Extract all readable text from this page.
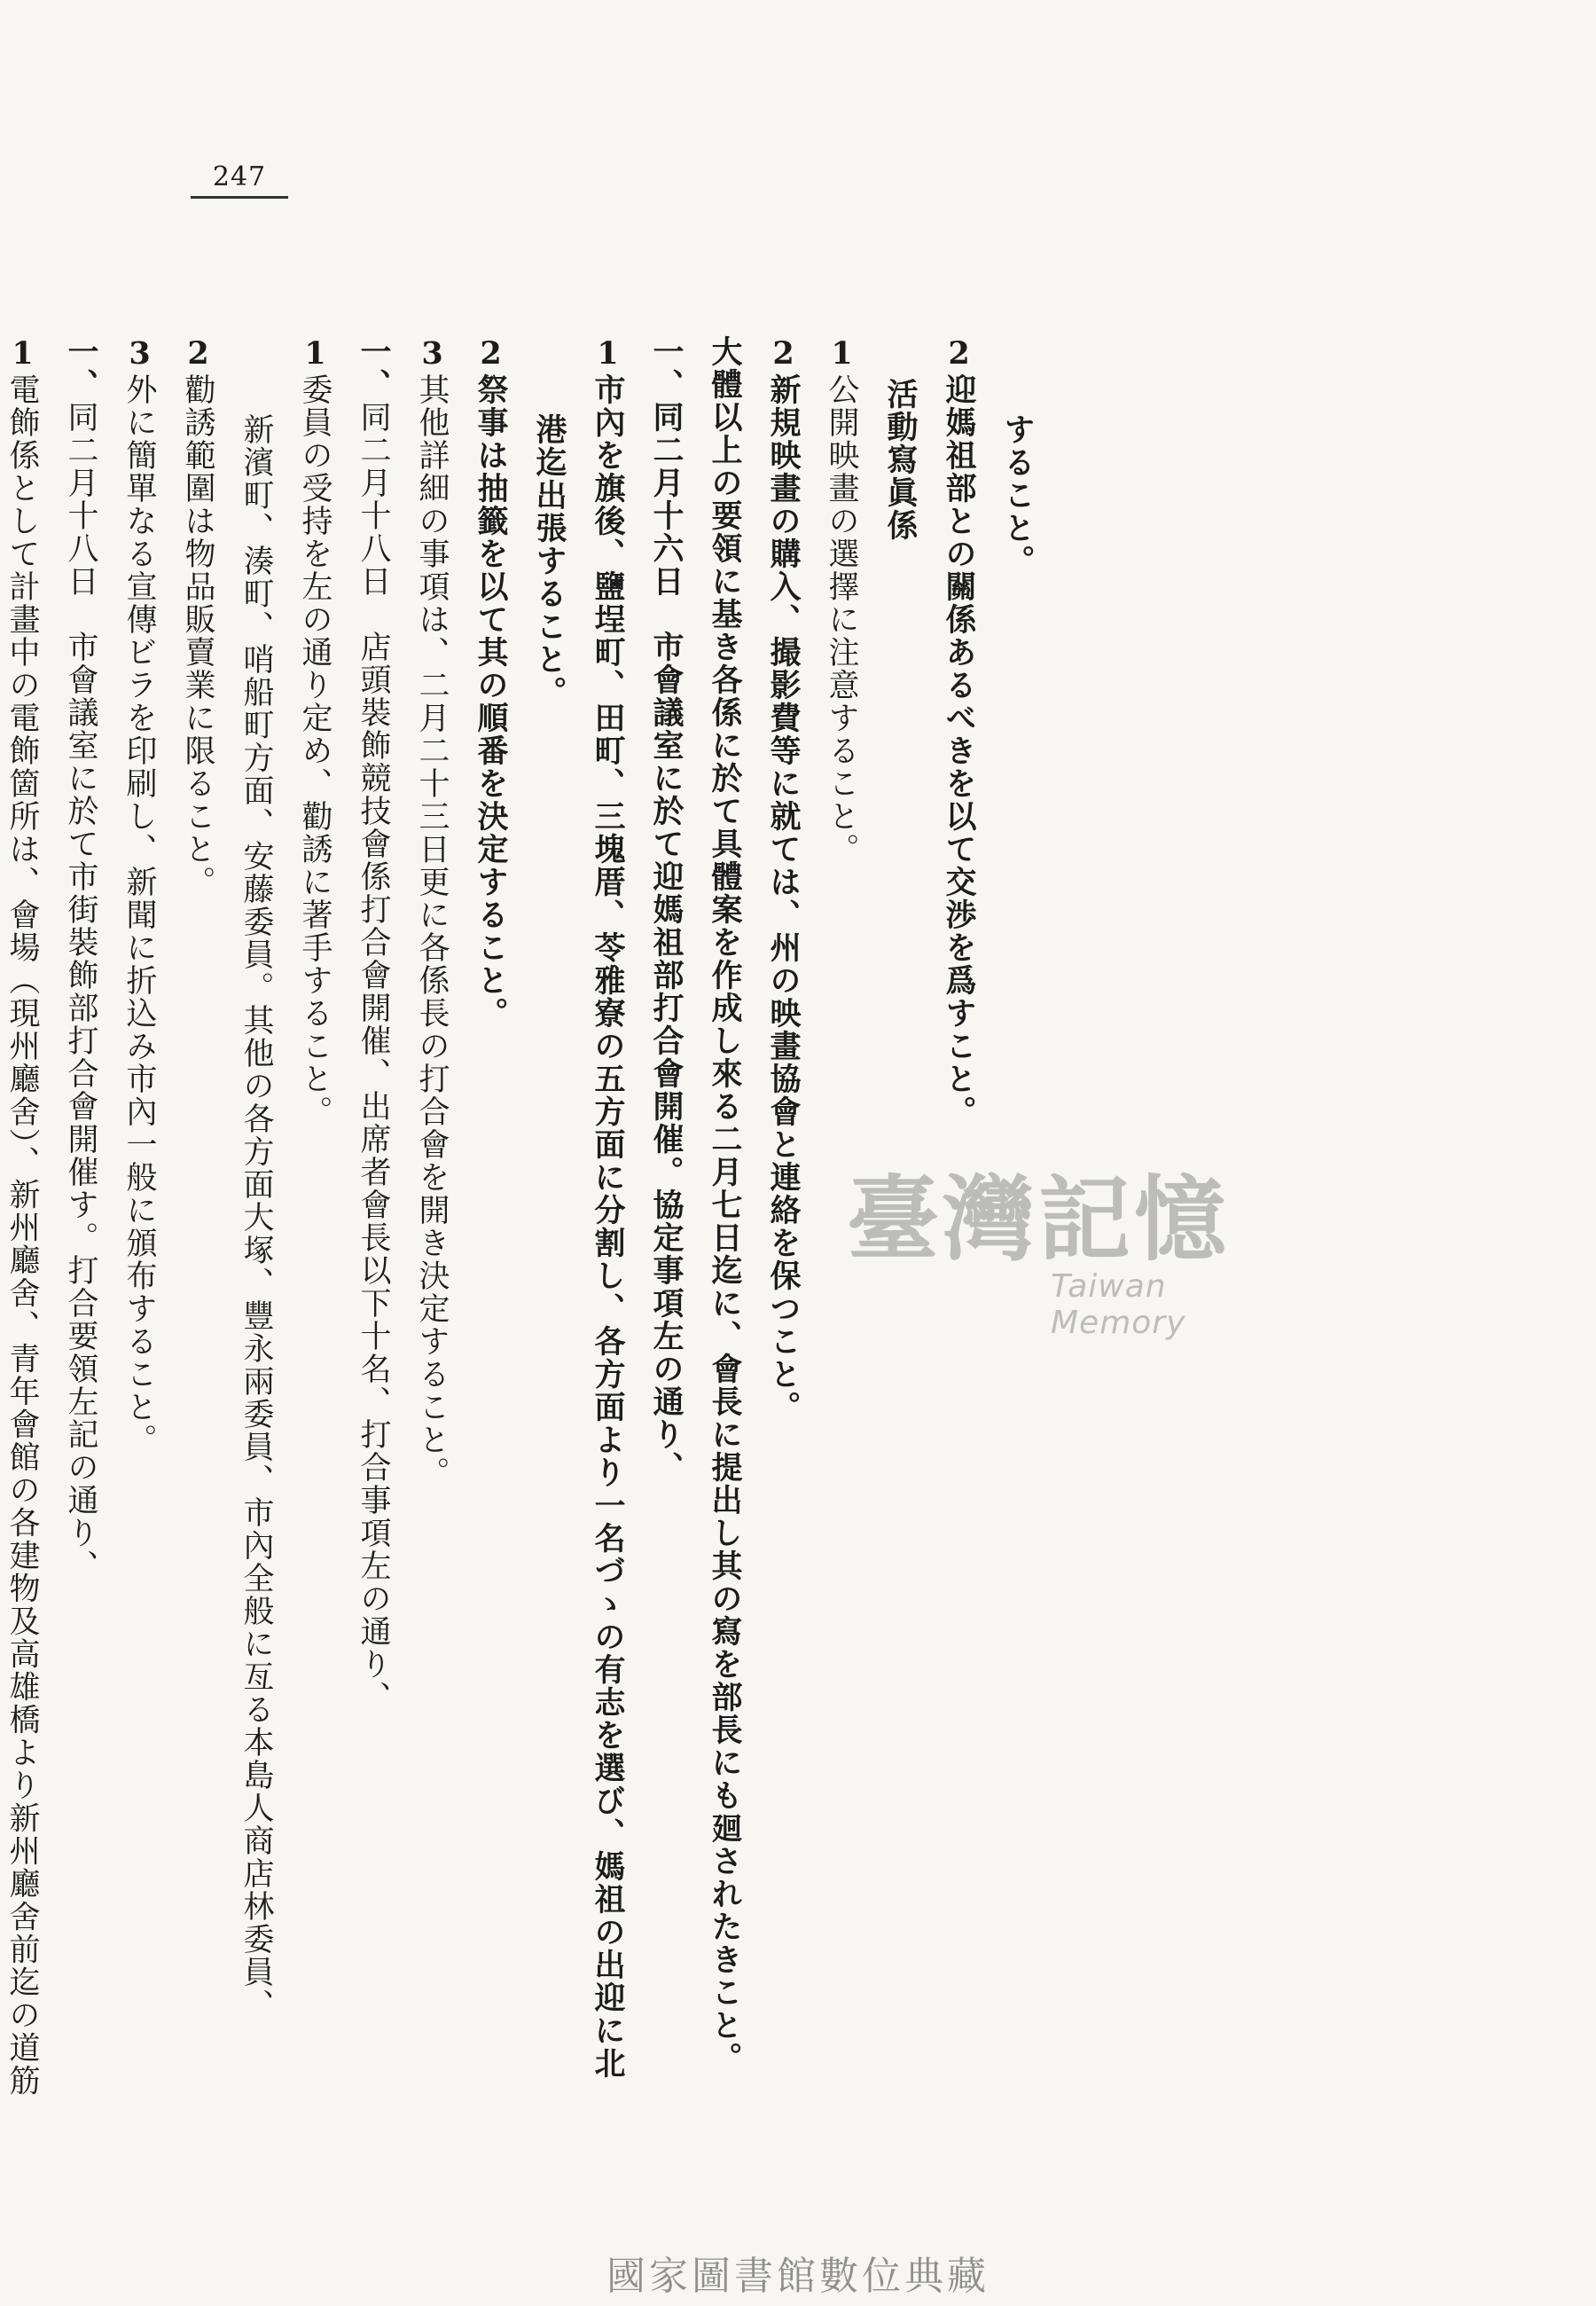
247
すること。
2迎媽祖部との關係あるべきを以て交渉を爲すこと。
活動寫眞係
1公開映畫の選擇に注意すること。
2新規映畫の購入、撮影費等に就ては、州の映畫協會と連絡を保つこと。
大體以上の要領に基き各係に於て具體案を作成し來る二月七日迄に、會長に提出し其の寫を部長にも廻されたきこと。
一、同二月十六日　市會議室に於て迎媽祖部打合會開催。協定事項左の通り、
1市內を旗後、鹽埕町、田町、三塊厝、苓雅寮の五方面に分割し、各方面より一名づゝの有志を選び、媽祖の出迎に北
港迄出張すること。
2祭事は抽籤を以て其の順番を決定すること。
3其他詳細の事項は、二月二十三日更に各係長の打合會を開き決定すること。
一、同二月十八日　店頭裝飾競技會係打合會開催、出席者會長以下十名、打合事項左の通り、
1委員の受持を左の通り定め、勸誘に著手すること。
新濱町、湊町、哨船町方面、安藤委員。其他の各方面大塚、豐永兩委員、市內全般に亙る本島人商店林委員、
2勸誘範圍は物品販賣業に限ること。
3外に簡單なる宣傳ビラを印刷し、新聞に折込み市內一般に頒布すること。
一、同二月十八日　市會議室に於て市街裝飾部打合會開催す。打合要領左記の通り、
1電飾係として計畫中の電飾箇所は、會場（現州廳舍）、新州廳舍、青年會館の各建物及高雄橋より新州廳舍前迄の道筋	臺灣記憶
Taiwan Memory
國家圖書館數位典藏
